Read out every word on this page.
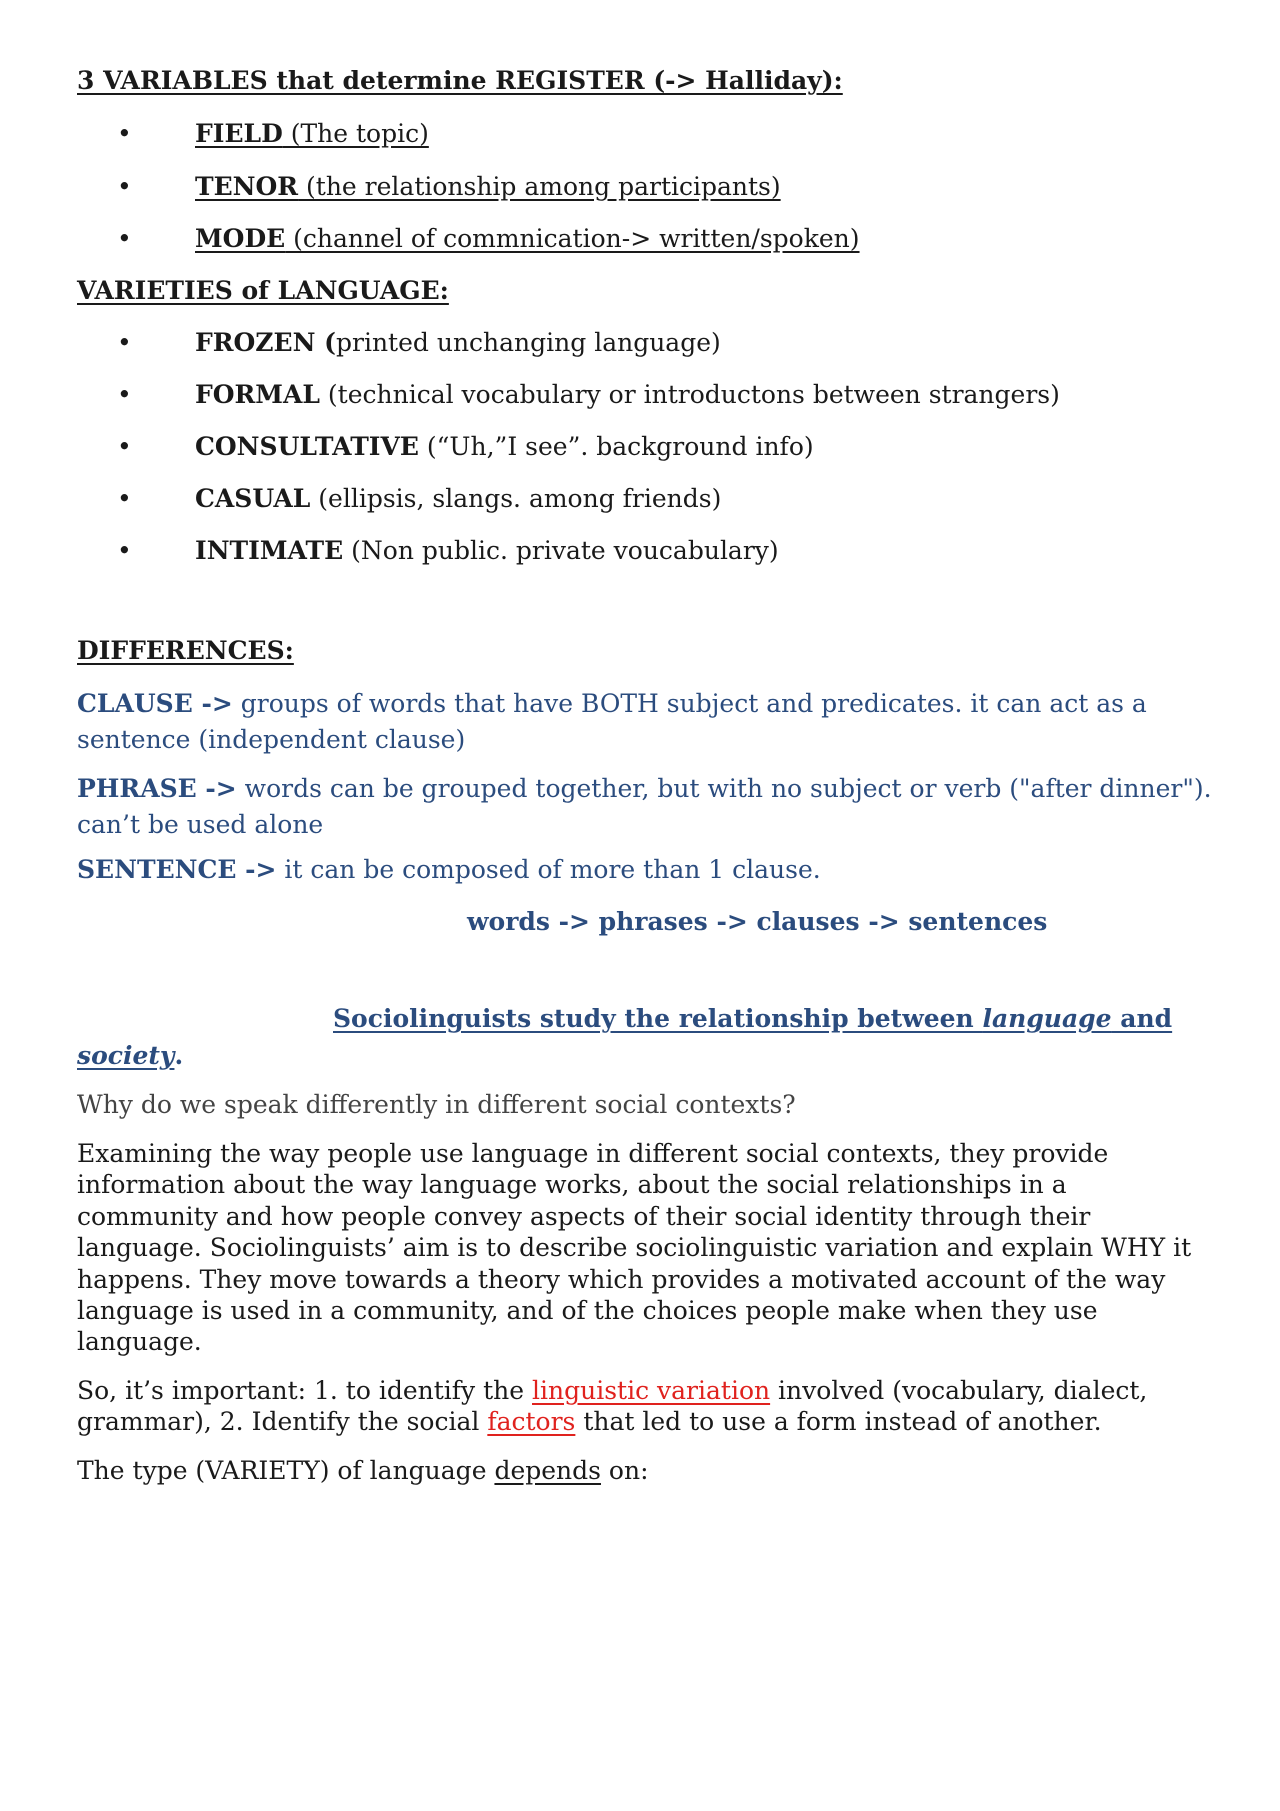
3 VARIABLES that determine REGISTER (-> Halliday):
•	FIELD (The topic)
•	TENOR (the relationship among participants)
•	MODE (channel of commnication-> written/spoken)
VARIETIES of LANGUAGE:
•	FROZEN (printed unchanging language)
•	FORMAL (technical vocabulary or introductons between strangers)
•	CONSULTATIVE (“Uh,”I see”. background info)
•	CASUAL (ellipsis, slangs. among friends)
•	INTIMATE (Non public. private voucabulary)
DIFFERENCES:
CLAUSE -> groups of words that have BOTH subject and predicates. it can act as a
sentence (independent clause)
PHRASE -> words can be grouped together, but with no subject or verb ("after dinner").
can’t be used alone
SENTENCE -> it can be composed of more than 1 clause.
words -> phrases -> clauses -> sentences
Sociolinguists study the relationship between language and
society.
Why do we speak differently in different social contexts?
Examining the way people use language in different social contexts, they provide
information about the way language works, about the social relationships in a
community and how people convey aspects of their social identity through their
language. Sociolinguists’ aim is to describe sociolinguistic variation and explain WHY it
happens. They move towards a theory which provides a motivated account of the way
language is used in a community, and of the choices people make when they use
language.
So, it’s important: 1. to identify the linguistic variation involved (vocabulary, dialect,
grammar), 2. Identify the social factors that led to use a form instead of another.
The type (VARIETY) of language depends on:
